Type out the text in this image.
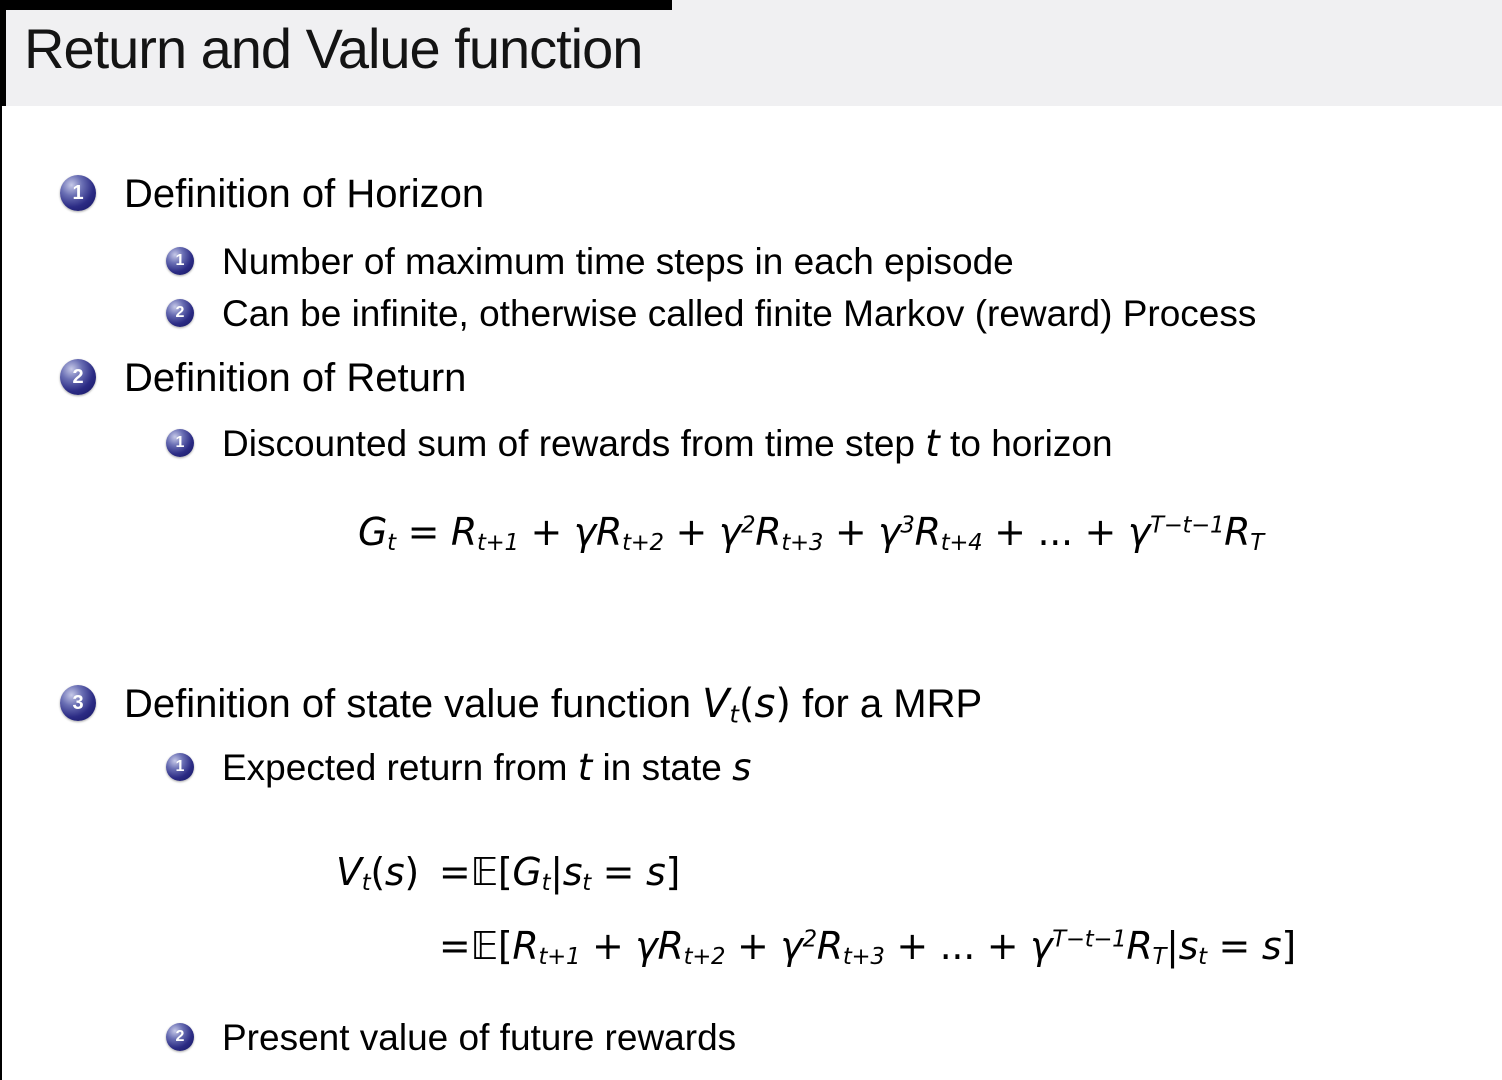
Return and Value function
1	Definition of Horizon
1 Number of maximum time steps in each episode
2 Can be infinite, otherwise called finite Markov (reward) Process
2	Definition of Return
1 Discounted sum of rewards from time step t to horizon
$Gt = Rt+1 + \gamma Rt+2 + \gamma^2Rt+3 + \gamma^3Rt+4$ + ... + $\gamma^{T-t-1}RT$
3	Definition of state value function Vt(s) for a MRP
1 Expected return from t in state s
Vt(s) =𝔼[Gt|st = s]
=𝔼[Rt+1 + $\gamma Rt+2 + \gamma^2Rt+3$ + ... + $\gamma^{T-t-1}RT|st = s$]
2 Present value of future rewards
